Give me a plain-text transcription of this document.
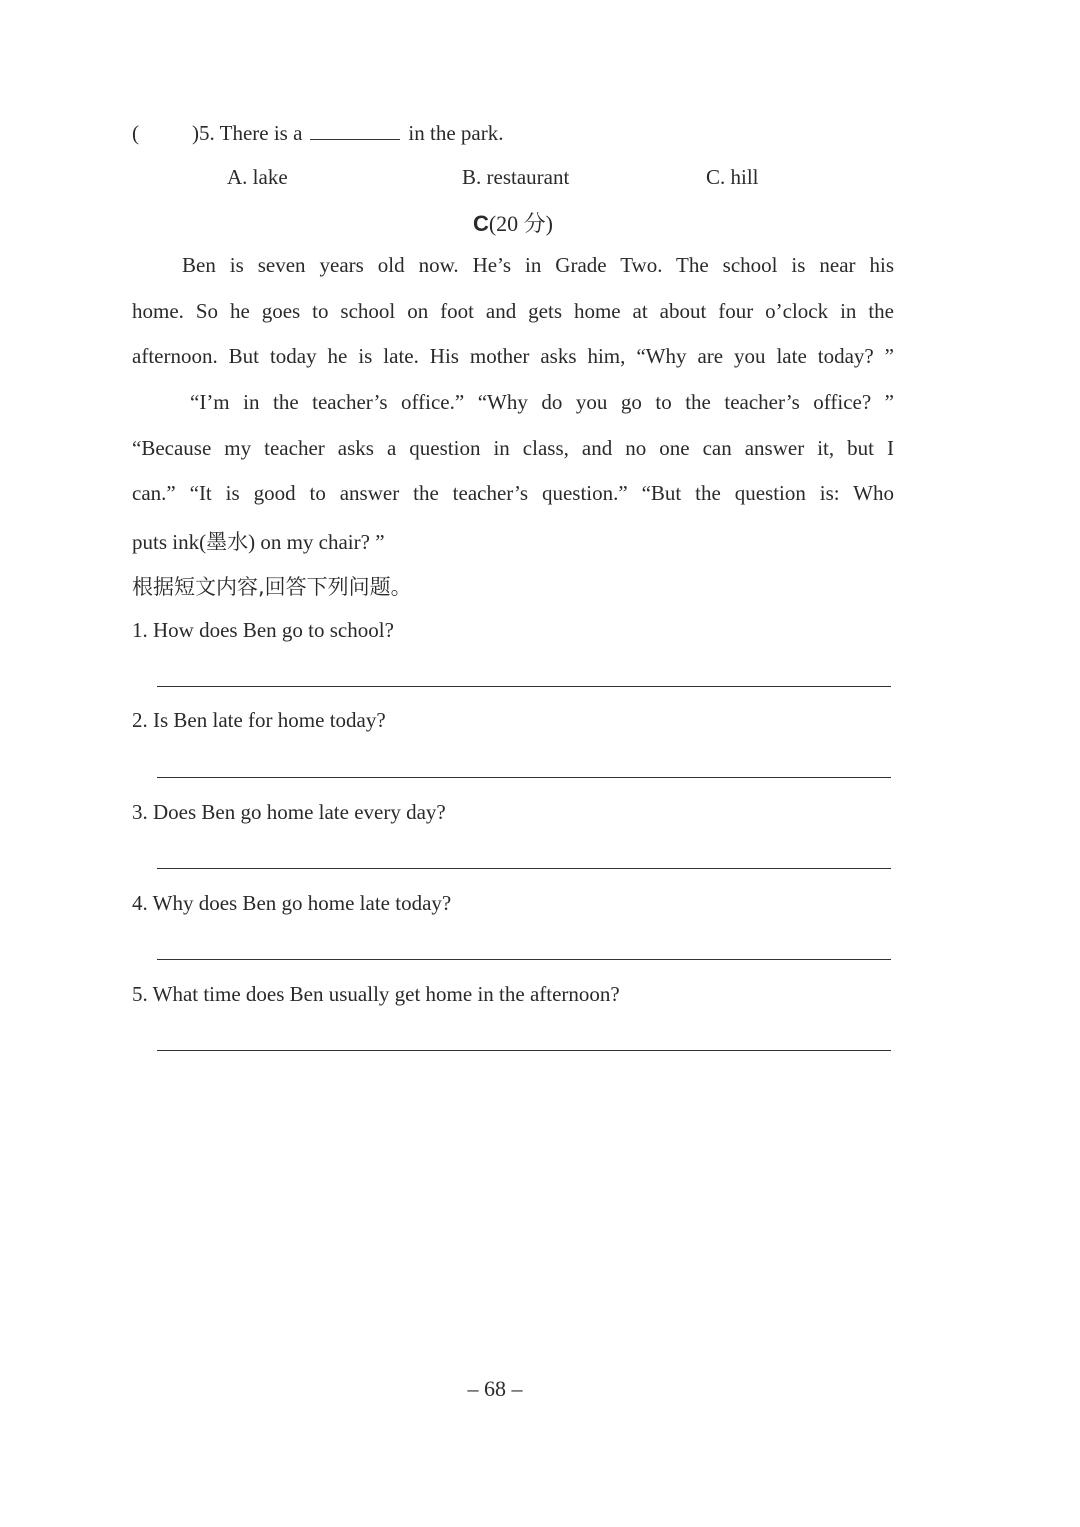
(	)5. There is a	in the park.
A. lake	B. restaurant	C. hill
C(20 分)
Ben is seven years old now. He’s in Grade Two. The school is near his
home. So he goes to school on foot and gets home at about four o’clock in the
afternoon. But today he is late. His mother asks him, “Why are you late today? ”
“I’m in the teacher’s office.” “Why do you go to the teacher’s office? ”
“Because my teacher asks a question in class, and no one can answer it, but I
can.” “It is good to answer the teacher’s question.” “But the question is: Who
puts ink(墨水) on my chair? ”
根据短文内容,回答下列问题。
1. How does Ben go to school?
2. Is Ben late for home today?
3. Does Ben go home late every day?
4. Why does Ben go home late today?
5. What time does Ben usually get home in the afternoon?
– 68 –
